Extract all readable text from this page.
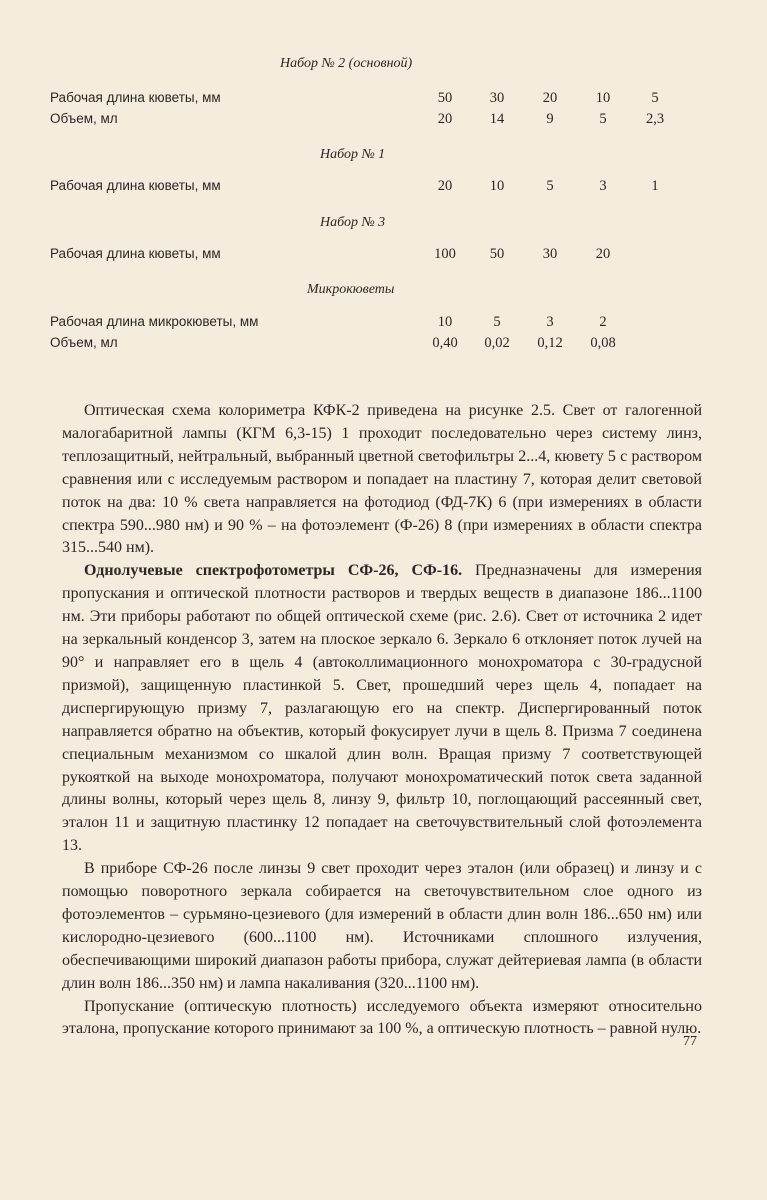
Набор № 2 (основной)
Рабочая длина кюветы, мм	50	30	20	10	5
Объем, мл	20	14	9	5	2,3
Набор № 1
Рабочая длина кюветы, мм	20	10	5	3	1
Набор № 3
Рабочая длина кюветы, мм	100	50	30	20
Микрокюветы
Рабочая длина микрокюветы, мм	10	5	3	2
Объем, мл	0,40	0,02	0,12	0,08

Оптическая схема колориметра КФК-2 приведена на рисунке 2.5. Свет от галогенной малогабаритной лампы (КГМ 6,3-15) 1 проходит последовательно через систему линз, теплозащитный, нейтральный, выбранный цветной светофильтры 2...4, кювету 5 с раствором сравнения или с исследуемым раствором и попадает на пластину 7, которая делит световой поток на два: 10 % света направляется на фотодиод (ФД-7К) 6 (при измерениях в области спектра 590...980 нм) и 90 % – на фотоэлемент (Ф-26) 8 (при измерениях в области спектра 315...540 нм).

Однолучевые спектрофотометры СФ-26, СФ-16. Предназначены для измерения пропускания и оптической плотности растворов и твердых веществ в диапазоне 186...1100 нм. Эти приборы работают по общей оптической схеме (рис. 2.6). Свет от источника 2 идет на зеркальный конденсор 3, затем на плоское зеркало 6. Зеркало 6 отклоняет поток лучей на 90° и направляет его в щель 4 (автоколлимационного монохроматора с 30-градусной призмой), защищенную пластинкой 5. Свет, прошедший через щель 4, попадает на диспергирующую призму 7, разлагающую его на спектр. Диспергированный поток направляется обратно на объектив, который фокусирует лучи в щель 8. Призма 7 соединена специальным механизмом со шкалой длин волн. Вращая призму 7 соответствующей рукояткой на выходе монохроматора, получают монохроматический поток света заданной длины волны, который через щель 8, линзу 9, фильтр 10, поглощающий рассеянный свет, эталон 11 и защитную пластинку 12 попадает на светочувствительный слой фотоэлемента 13.

В приборе СФ-26 после линзы 9 свет проходит через эталон (или образец) и линзу и с помощью поворотного зеркала собирается на светочувствительном слое одного из фотоэлементов – сурьмяно-цезиевого (для измерений в области длин волн 186...650 нм) или кислородно-цезиевого (600...1100 нм). Источниками сплошного излучения, обеспечивающими широкий диапазон работы прибора, служат дейтериевая лампа (в области длин волн 186...350 нм) и лампа накаливания (320...1100 нм).

Пропускание (оптическую плотность) исследуемого объекта измеряют относительно эталона, пропускание которого принимают за 100 %, а оптическую плотность – равной нулю.

77
